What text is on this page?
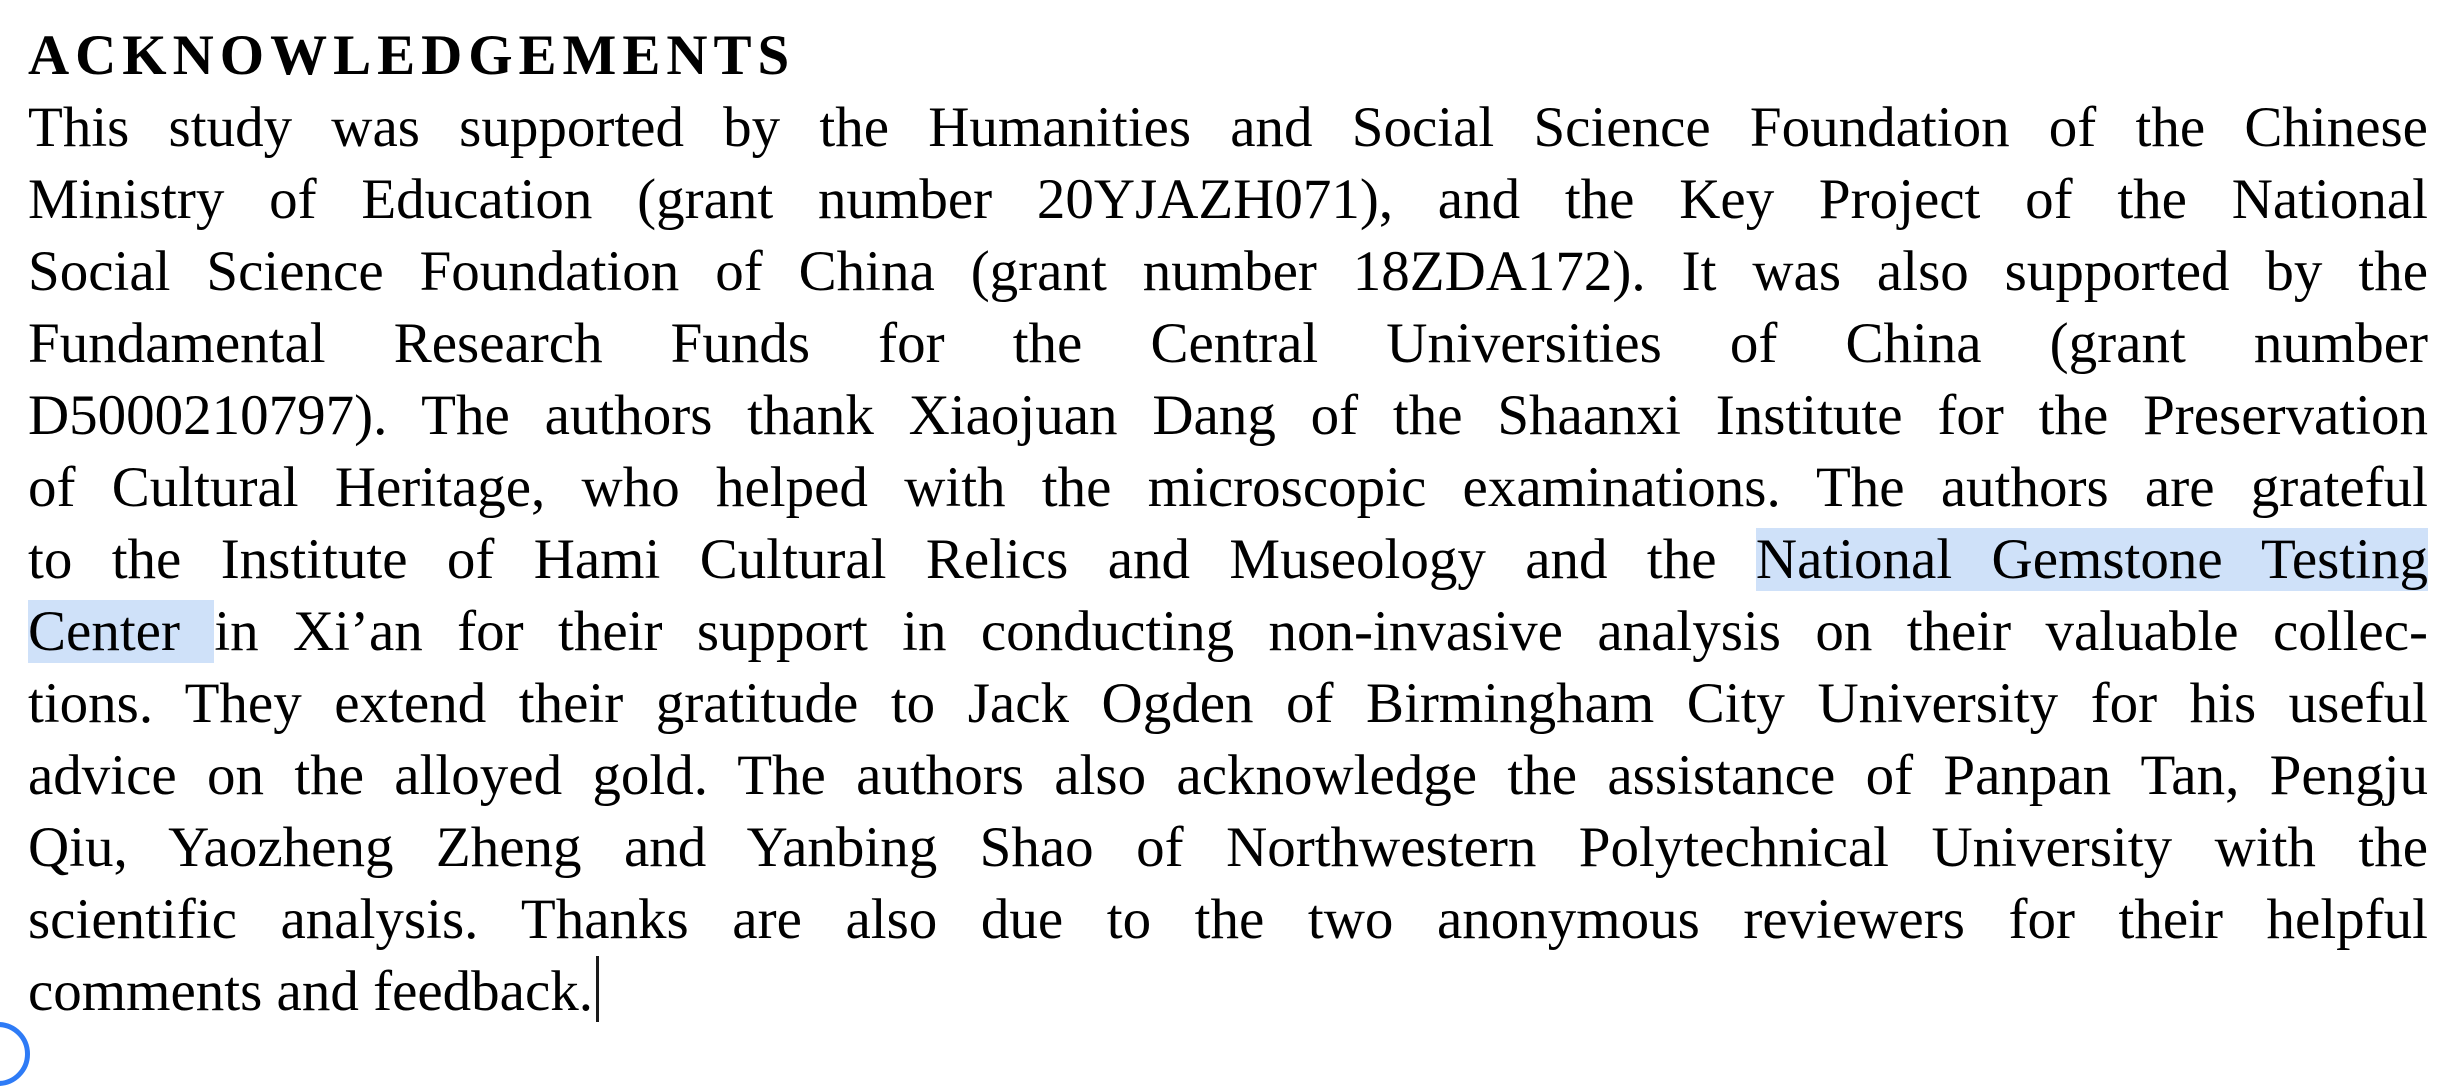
ACKNOWLEDGEMENTS
This study was supported by the Humanities and Social Science Foundation of the Chinese
Ministry of Education (grant number 20YJAZH071), and the Key Project of the National
Social Science Foundation of China (grant number 18ZDA172). It was also supported by the
Fundamental Research Funds for the Central Universities of China (grant number
D5000210797). The authors thank Xiaojuan Dang of the Shaanxi Institute for the Preservation
of Cultural Heritage, who helped with the microscopic examinations. The authors are grateful
to the Institute of Hami Cultural Relics and Museology and the National Gemstone Testing
Center in Xi’an for their support in conducting non-invasive analysis on their valuable collec-
tions. They extend their gratitude to Jack Ogden of Birmingham City University for his useful
advice on the alloyed gold. The authors also acknowledge the assistance of Panpan Tan, Pengju
Qiu, Yaozheng Zheng and Yanbing Shao of Northwestern Polytechnical University with the
scientific analysis. Thanks are also due to the two anonymous reviewers for their helpful
comments and feedback.
